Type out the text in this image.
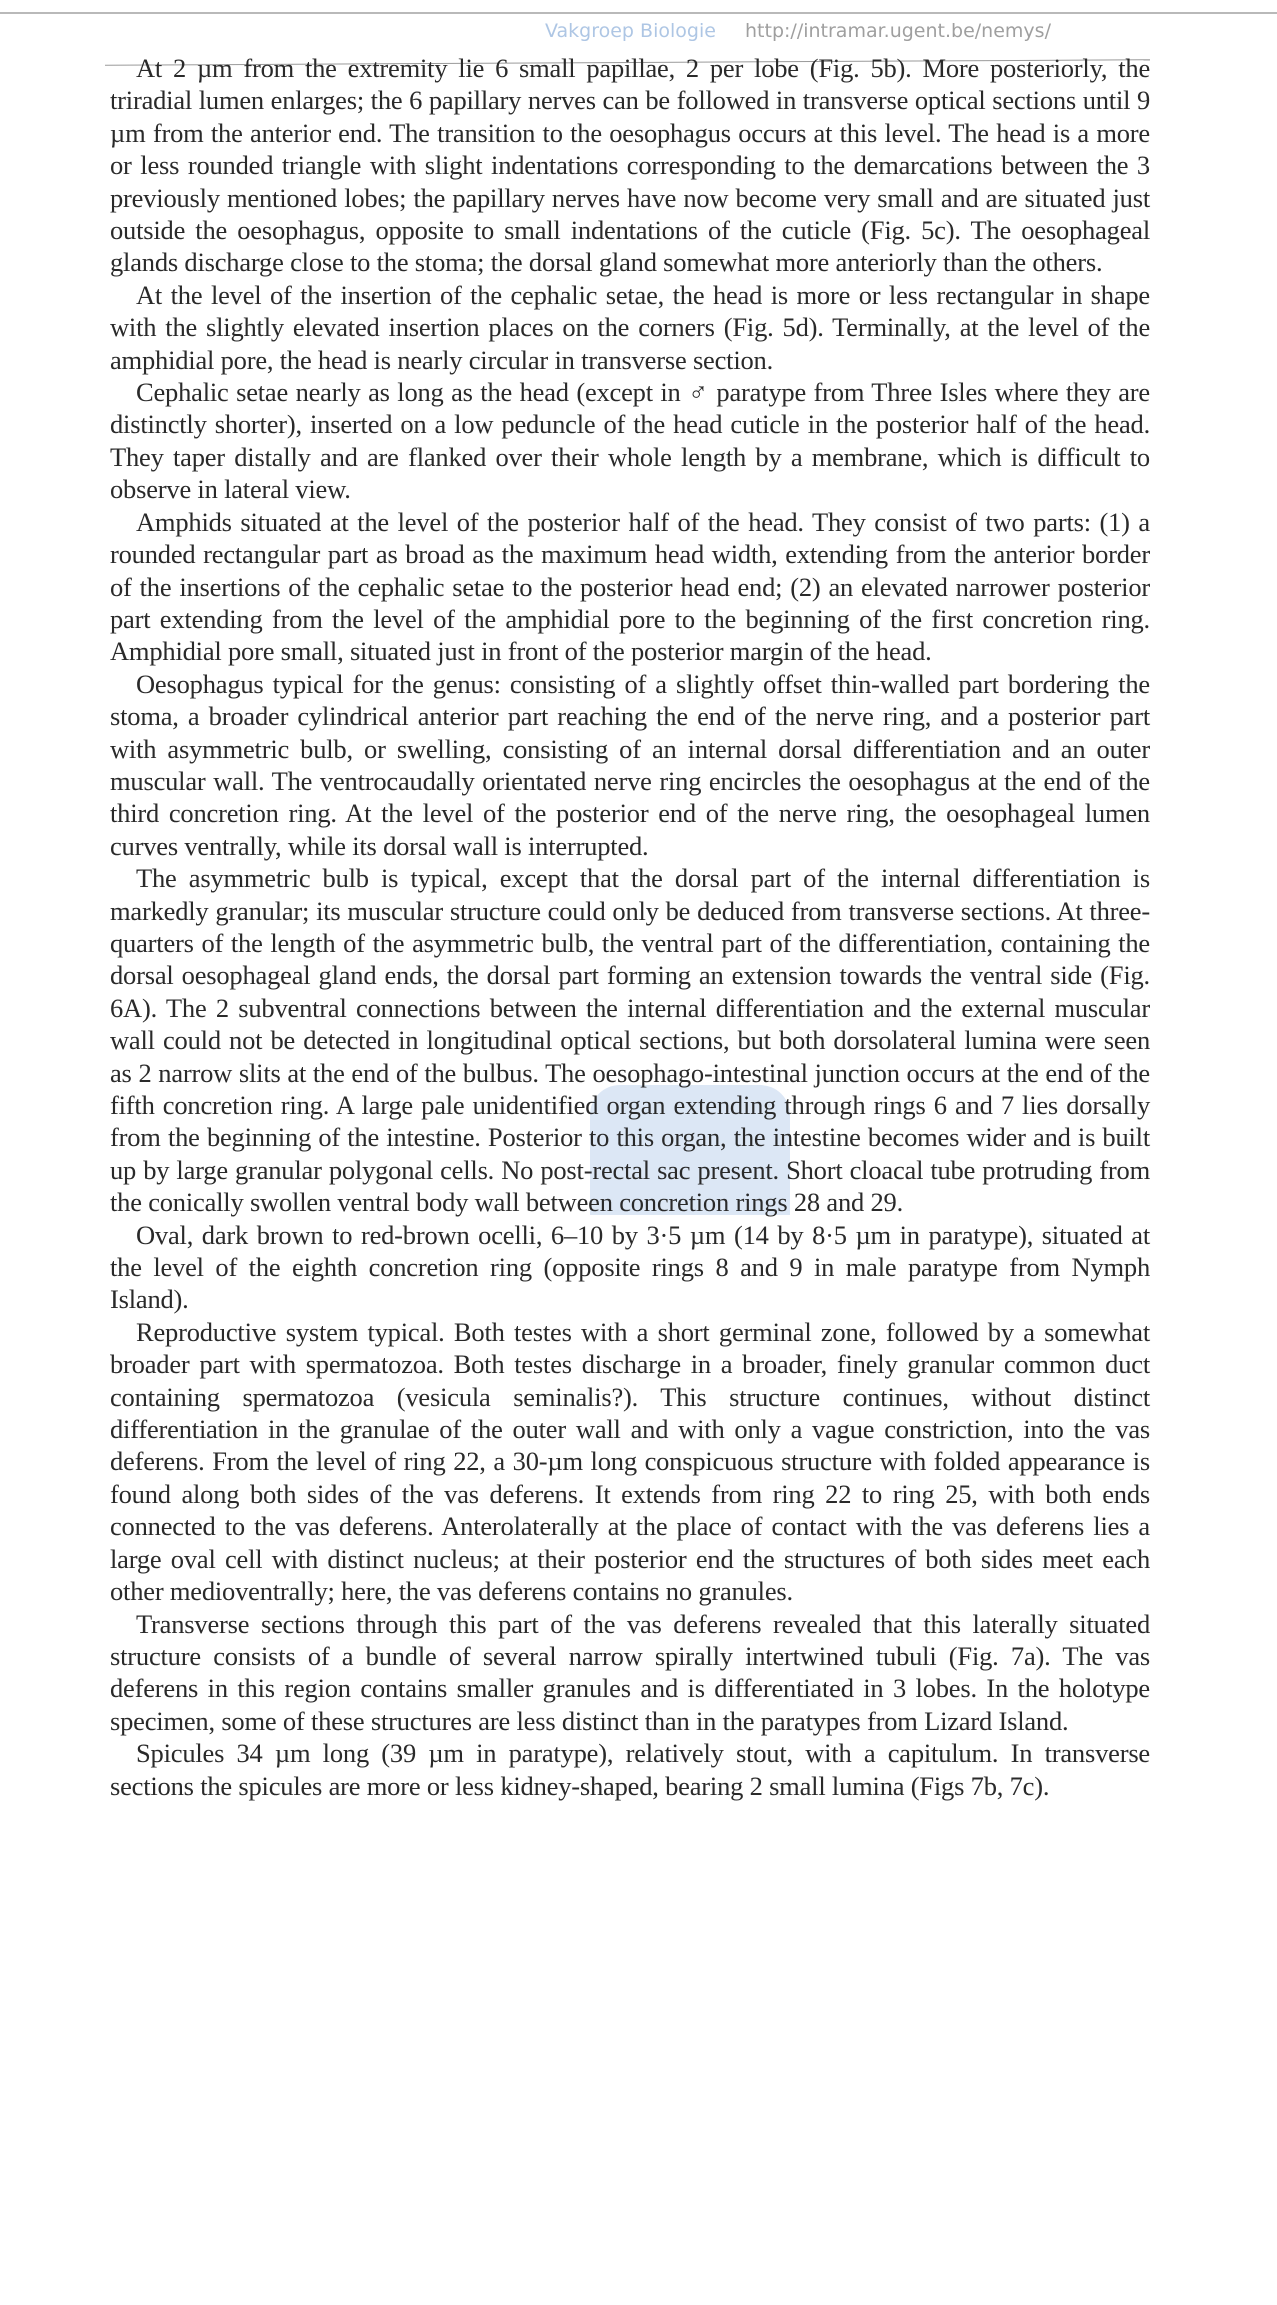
Vakgroep Biologie http://intramar.ugent.be/nemys/

At 2 µm from the extremity lie 6 small papillae, 2 per lobe (Fig. 5b). More posteriorly, the triradial lumen enlarges; the 6 papillary nerves can be followed in transverse optical sections until 9 µm from the anterior end. The transition to the oesophagus occurs at this level. The head is a more or less rounded triangle with slight indentations corresponding to the demarcations between the 3 previously mentioned lobes; the papillary nerves have now become very small and are situated just outside the oesophagus, opposite to small indentations of the cuticle (Fig. 5c). The oesophageal glands discharge close to the stoma; the dorsal gland somewhat more anteriorly than the others.

At the level of the insertion of the cephalic setae, the head is more or less rectangular in shape with the slightly elevated insertion places on the corners (Fig. 5d). Terminally, at the level of the amphidial pore, the head is nearly circular in transverse section.

Cephalic setae nearly as long as the head (except in ♂ paratype from Three Isles where they are distinctly shorter), inserted on a low peduncle of the head cuticle in the posterior half of the head. They taper distally and are flanked over their whole length by a membrane, which is difficult to observe in lateral view.

Amphids situated at the level of the posterior half of the head. They consist of two parts: (1) a rounded rectangular part as broad as the maximum head width, extending from the anterior border of the insertions of the cephalic setae to the posterior head end; (2) an elevated narrower posterior part extending from the level of the amphidial pore to the beginning of the first concretion ring. Amphidial pore small, situated just in front of the posterior margin of the head.

Oesophagus typical for the genus: consisting of a slightly offset thin-walled part bordering the stoma, a broader cylindrical anterior part reaching the end of the nerve ring, and a posterior part with asymmetric bulb, or swelling, consisting of an internal dorsal differentiation and an outer muscular wall. The ventrocaudally orientated nerve ring encircles the oesophagus at the end of the third concretion ring. At the level of the posterior end of the nerve ring, the oesophageal lumen curves ventrally, while its dorsal wall is interrupted.

The asymmetric bulb is typical, except that the dorsal part of the internal differentiation is markedly granular; its muscular structure could only be deduced from transverse sections. At three-quarters of the length of the asymmetric bulb, the ventral part of the differentiation, containing the dorsal oesophageal gland ends, the dorsal part forming an extension towards the ventral side (Fig. 6A). The 2 subventral connections between the internal differentiation and the external muscular wall could not be detected in longitudinal optical sections, but both dorsolateral lumina were seen as 2 narrow slits at the end of the bulbus. The oesophago-intestinal junction occurs at the end of the fifth concretion ring. A large pale unidentified organ extending through rings 6 and 7 lies dorsally from the beginning of the intestine. Posterior to this organ, the intestine becomes wider and is built up by large granular polygonal cells. No post-rectal sac present. Short cloacal tube protruding from the conically swollen ventral body wall between concretion rings 28 and 29.

Oval, dark brown to red-brown ocelli, 6–10 by 3·5 µm (14 by 8·5 µm in paratype), situated at the level of the eighth concretion ring (opposite rings 8 and 9 in male paratype from Nymph Island).

Reproductive system typical. Both testes with a short germinal zone, followed by a somewhat broader part with spermatozoa. Both testes discharge in a broader, finely granular common duct containing spermatozoa (vesicula seminalis?). This structure continues, without distinct differentiation in the granulae of the outer wall and with only a vague constriction, into the vas deferens. From the level of ring 22, a 30-µm long conspicuous structure with folded appearance is found along both sides of the vas deferens. It extends from ring 22 to ring 25, with both ends connected to the vas deferens. Anterolaterally at the place of contact with the vas deferens lies a large oval cell with distinct nucleus; at their posterior end the structures of both sides meet each other medioventrally; here, the vas deferens contains no granules.

Transverse sections through this part of the vas deferens revealed that this laterally situated structure consists of a bundle of several narrow spirally intertwined tubuli (Fig. 7a). The vas deferens in this region contains smaller granules and is differentiated in 3 lobes. In the holotype specimen, some of these structures are less distinct than in the paratypes from Lizard Island.

Spicules 34 µm long (39 µm in paratype), relatively stout, with a capitulum. In transverse sections the spicules are more or less kidney-shaped, bearing 2 small lumina (Figs 7b, 7c).
